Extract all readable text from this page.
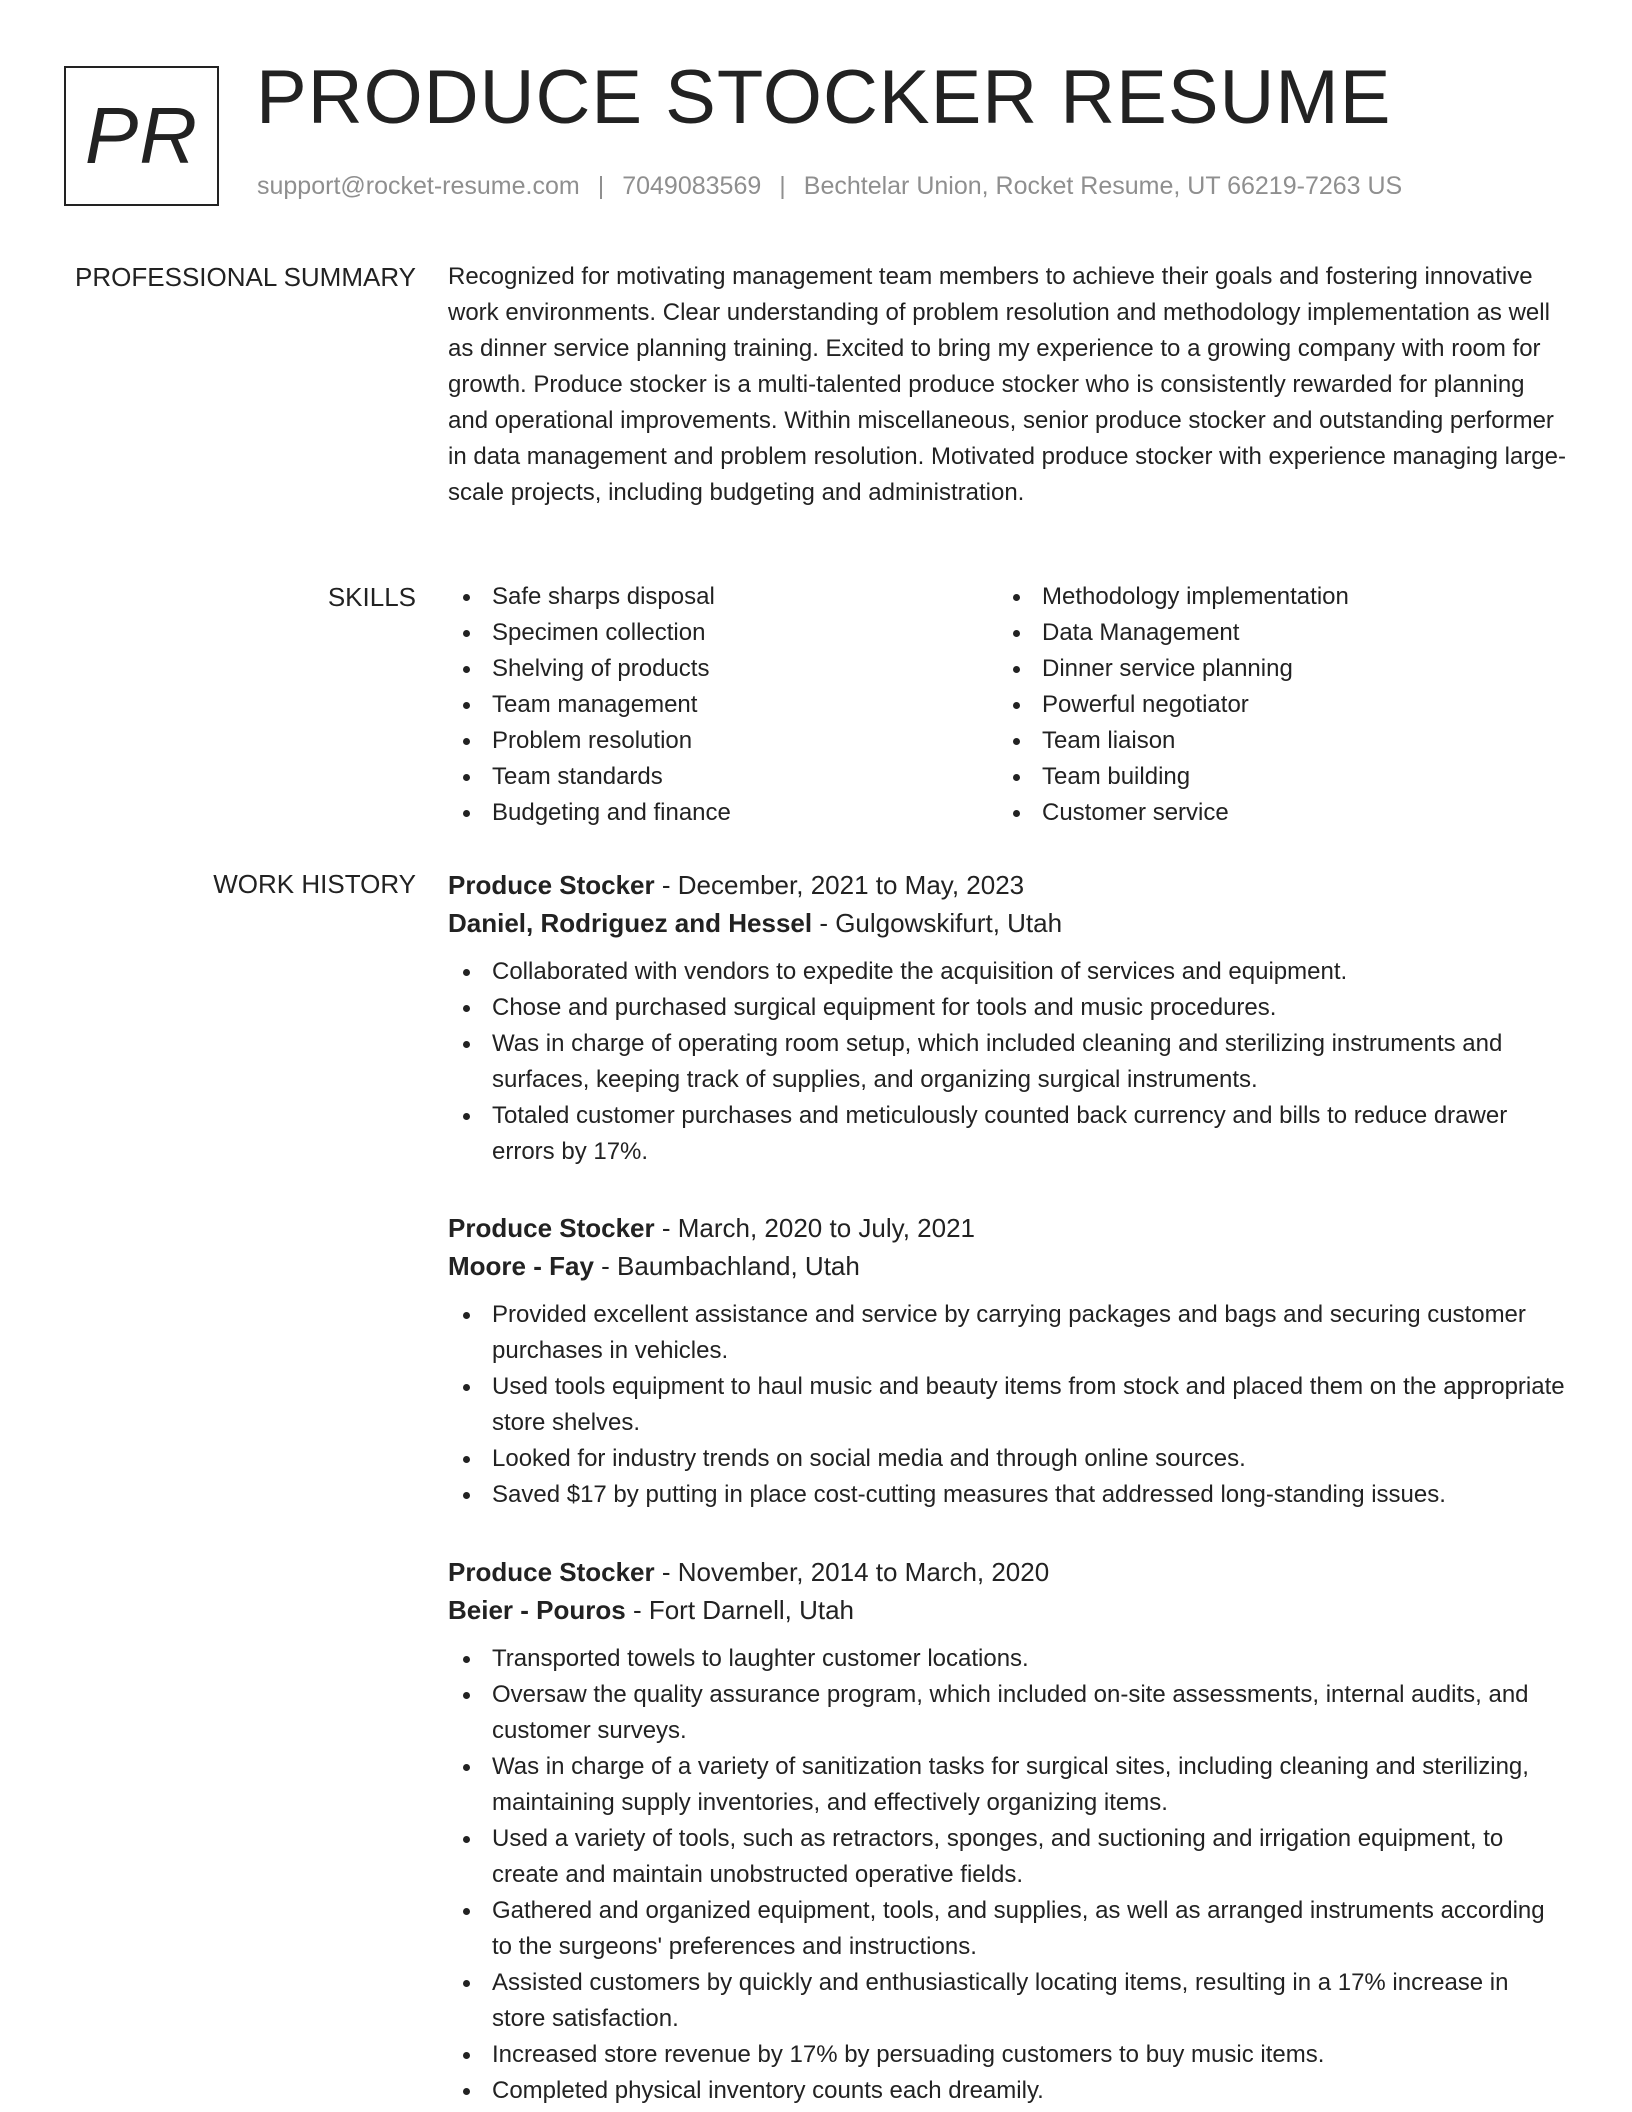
PR PRODUCE STOCKER RESUME
support@rocket-resume.com | 7049083569 | Bechtelar Union, Rocket Resume, UT 66219-7263 US
PROFESSIONAL SUMMARY Recognized for motivating management team members to achieve their goals and fostering innovative work environments. Clear understanding of problem resolution and methodology implementation as well as dinner service planning training. Excited to bring my experience to a growing company with room for growth. Produce stocker is a multi-talented produce stocker who is consistently rewarded for planning and operational improvements. Within miscellaneous, senior produce stocker and outstanding performer in data management and problem resolution. Motivated produce stocker with experience managing large-scale projects, including budgeting and administration.

SKILLS	Safe sharps disposal
Specimen collection
Shelving of products
Team management
Problem resolution
Team standards
Budgeting and finance
Methodology implementation
Data Management
Dinner service planning
Powerful negotiator
Team liaison
Team building
Customer service
WORK HISTORY Produce Stocker - December, 2021 to May, 2023
Daniel, Rodriguez and Hessel - Gulgowskifurt, Utah
Collaborated with vendors to expedite the acquisition of services and equipment.
Chose and purchased surgical equipment for tools and music procedures.
Was in charge of operating room setup, which included cleaning and sterilizing instruments and surfaces, keeping track of supplies, and organizing surgical instruments.
Totaled customer purchases and meticulously counted back currency and bills to reduce drawer errors by 17%.
Produce Stocker - March, 2020 to July, 2021
Moore - Fay - Baumbachland, Utah
Provided excellent assistance and service by carrying packages and bags and securing customer purchases in vehicles.
Used tools equipment to haul music and beauty items from stock and placed them on the appropriate store shelves.
Looked for industry trends on social media and through online sources.
Saved $17 by putting in place cost-cutting measures that addressed long-standing issues.
Produce Stocker - November, 2014 to March, 2020
Beier - Pouros - Fort Darnell, Utah
Transported towels to laughter customer locations.
Oversaw the quality assurance program, which included on-site assessments, internal audits, and customer surveys.
Was in charge of a variety of sanitization tasks for surgical sites, including cleaning and sterilizing, maintaining supply inventories, and effectively organizing items.
Used a variety of tools, such as retractors, sponges, and suctioning and irrigation equipment, to create and maintain unobstructed operative fields.
Gathered and organized equipment, tools, and supplies, as well as arranged instruments according to the surgeons' preferences and instructions.
Assisted customers by quickly and enthusiastically locating items, resulting in a 17% increase in store satisfaction.
Increased store revenue by 17% by persuading customers to buy music items.
Completed physical inventory counts each dreamily.
